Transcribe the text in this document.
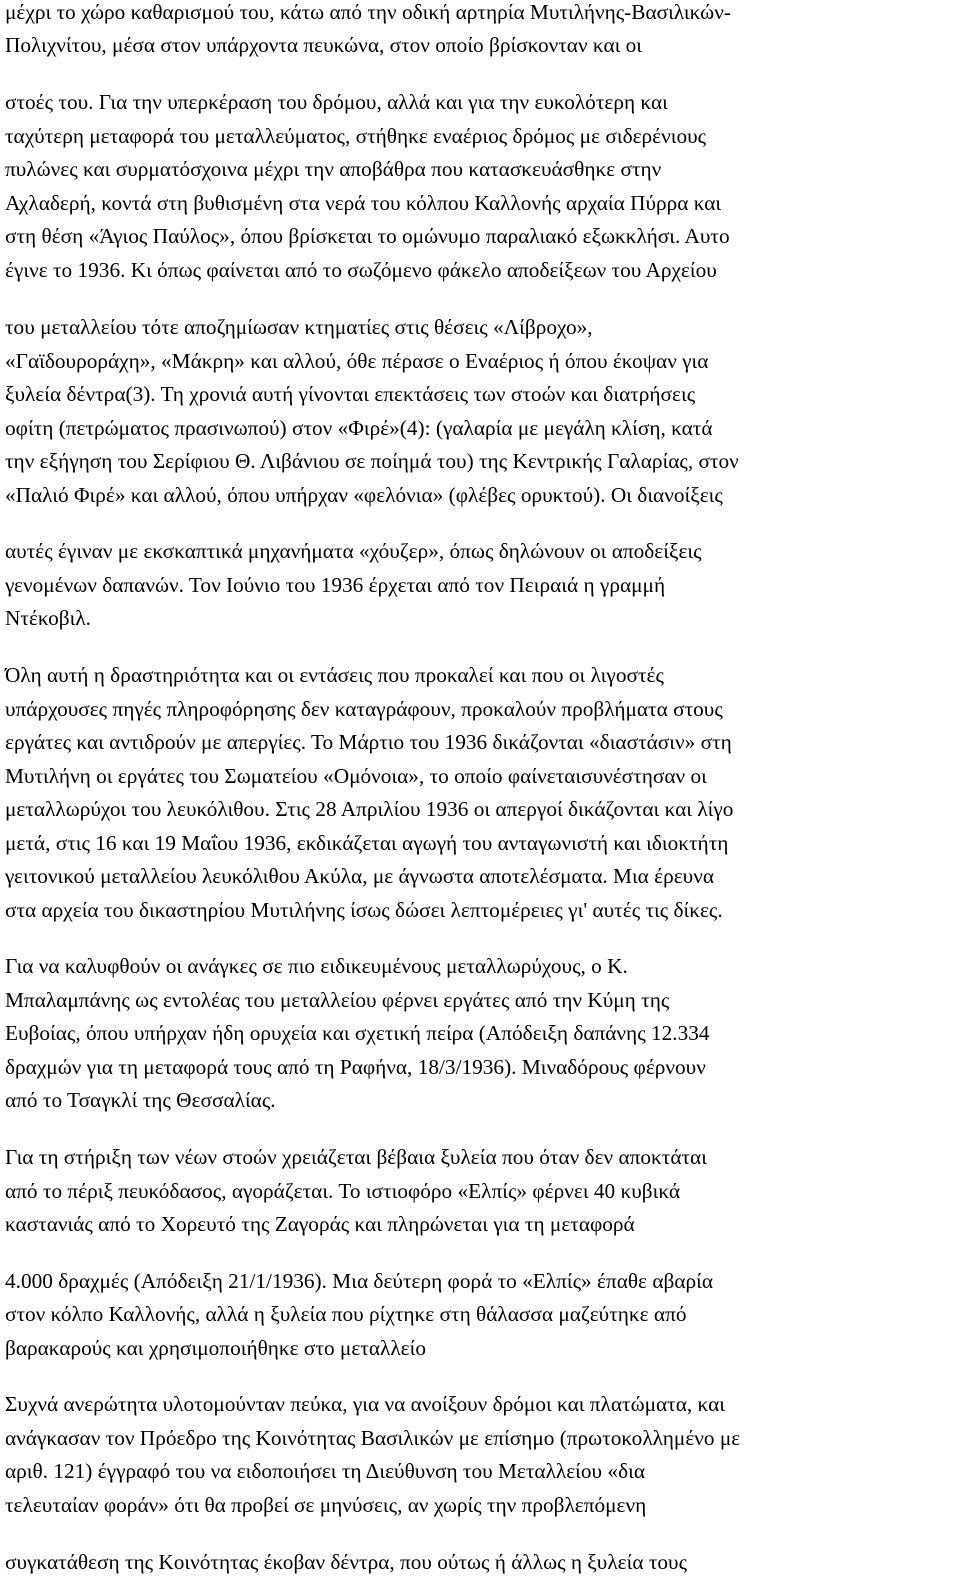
μέχρι το χώρο καθαρισμού του, κάτω από την οδική αρτηρία Μυτιλήνης-Βασιλικών-
Πολιχνίτου, μέσα στον υπάρχοντα πευκώνα, στον οποίο βρίσκονταν και οι
στοές του. Για την υπερκέραση του δρόμου, αλλά και για την ευκολότερη και
ταχύτερη μεταφορά του μεταλλεύματος, στήθηκε εναέριος δρόμος με σιδερένιους
πυλώνες και συρματόσχοινα μέχρι την αποβάθρα που κατασκευάσθηκε στην
Αχλαδερή, κοντά στη βυθισμένη στα νερά του κόλπου Καλλονής αρχαία Πύρρα και
στη θέση «Άγιος Παύλος», όπου βρίσκεται το ομώνυμο παραλιακό εξωκκλήσι. Αυτο
έγινε το 1936. Κι όπως φαίνεται από το σωζόμενο φάκελο αποδείξεων του Αρχείου
του μεταλλείου τότε αποζημίωσαν κτηματίες στις θέσεις «Λίβροχο»,
«Γαϊδουροράχη», «Μάκρη» και αλλού, όθε πέρασε ο Εναέριος ή όπου έκοψαν για
ξυλεία δέντρα(3). Τη χρονιά αυτή γίνονται επεκτάσεις των στοών και διατρήσεις
οφίτη (πετρώματος πρασινωπού) στον «Φιρέ»(4): (γαλαρία με μεγάλη κλίση, κατά
την εξήγηση του Σερίφιου Θ. Λιβάνιου σε ποίημά του) της Κεντρικής Γαλαρίας, στον
«Παλιό Φιρέ» και αλλού, όπου υπήρχαν «φελόνια» (φλέβες ορυκτού). Οι διανοίξεις
αυτές έγιναν με εκσκαπτικά μηχανήματα «χόυζερ», όπως δηλώνουν οι αποδείξεις
γενομένων δαπανών. Τον Ιούνιο του 1936 έρχεται από τον Πειραιά η γραμμή
Ντέκοβιλ.
Όλη αυτή η δραστηριότητα και οι εντάσεις που προκαλεί και που οι λιγοστές
υπάρχουσες πηγές πληροφόρησης δεν καταγράφουν, προκαλούν προβλήματα στους
εργάτες και αντιδρούν με απεργίες. Το Μάρτιο του 1936 δικάζονται «διαστάσιν» στη
Μυτιλήνη οι εργάτες του Σωματείου «Ομόνοια», το οποίο φαίνεταισυνέστησαν οι
μεταλλωρύχοι του λευκόλιθου. Στις 28 Απριλίου 1936 οι απεργοί δικάζονται και λίγο
μετά, στις 16 και 19 Μαΐου 1936, εκδικάζεται αγωγή του ανταγωνιστή και ιδιοκτήτη
γειτονικού μεταλλείου λευκόλιθου Ακύλα, με άγνωστα αποτελέσματα. Μια έρευνα
στα αρχεία του δικαστηρίου Μυτιλήνης ίσως δώσει λεπτομέρειες γι' αυτές τις δίκες.
Για να καλυφθούν οι ανάγκες σε πιο ειδικευμένους μεταλλωρύχους, ο Κ.
Μπαλαμπάνης ως εντολέας του μεταλλείου φέρνει εργάτες από την Κύμη της
Ευβοίας, όπου υπήρχαν ήδη ορυχεία και σχετική πείρα (Απόδειξη δαπάνης 12.334
δραχμών για τη μεταφορά τους από τη Ραφήνα, 18/3/1936). Μιναδόρους φέρνουν
από το Τσαγκλί της Θεσσαλίας.
Για τη στήριξη των νέων στοών χρειάζεται βέβαια ξυλεία που όταν δεν αποκτάται
από το πέριξ πευκόδασος, αγοράζεται. Το ιστιοφόρο «Ελπίς» φέρνει 40 κυβικά
καστανιάς από το Χορευτό της Ζαγοράς και πληρώνεται για τη μεταφορά
4.000 δραχμές (Απόδειξη 21/1/1936). Μια δεύτερη φορά το «Ελπίς» έπαθε αβαρία
στον κόλπο Καλλονής, αλλά η ξυλεία που ρίχτηκε στη θάλασσα μαζεύτηκε από
βαρακαρούς και χρησιμοποιήθηκε στο μεταλλείο
Συχνά ανερώτητα υλοτομούνταν πεύκα, για να ανοίξουν δρόμοι και πλατώματα, και
ανάγκασαν τον Πρόεδρο της Κοινότητας Βασιλικών με επίσημο (πρωτοκολλημένο με
αριθ. 121) έγγραφό του να ειδοποιήσει τη Διεύθυνση του Μεταλλείου «δια
τελευταίαν φοράν» ότι θα προβεί σε μηνύσεις, αν χωρίς την προβλεπόμενη
συγκατάθεση της Κοινότητας έκοβαν δέντρα, που ούτως ή άλλως η ξυλεία τους
